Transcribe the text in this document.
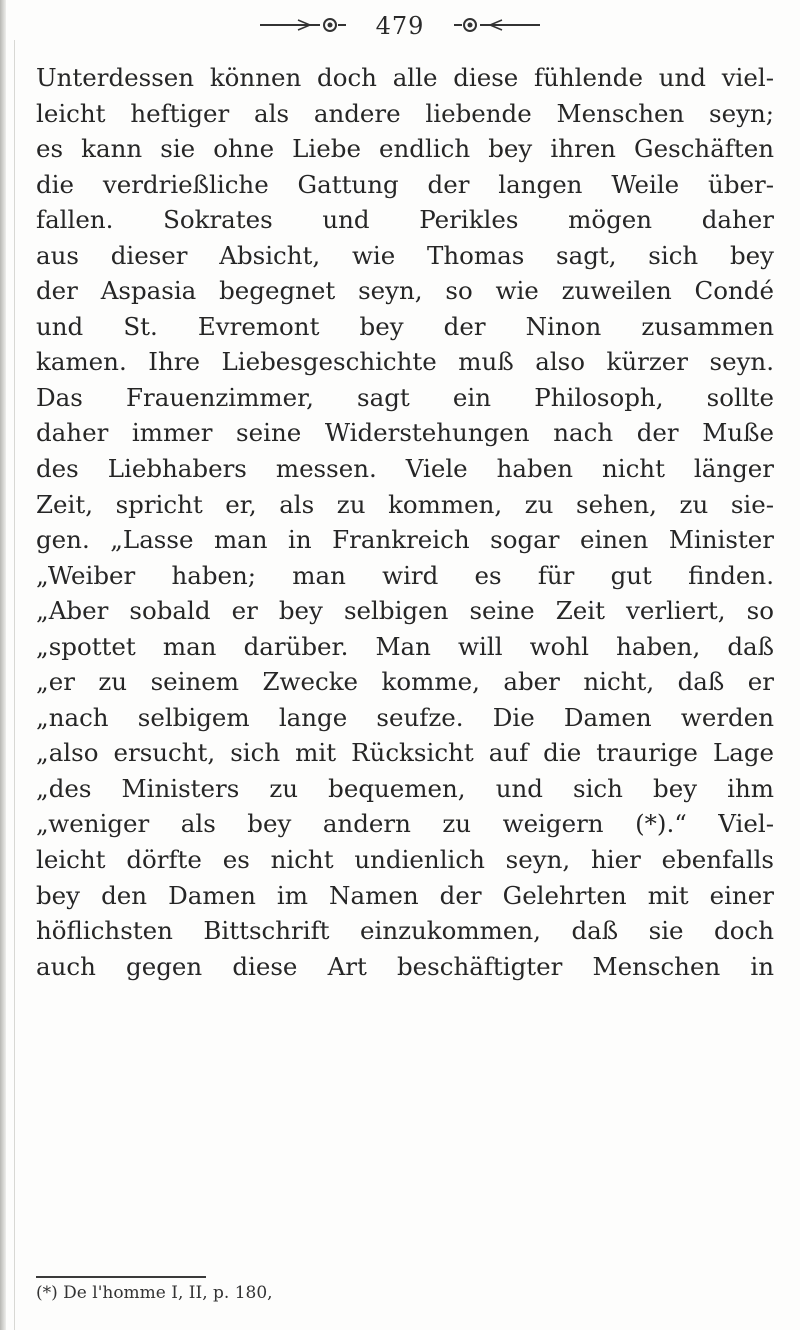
479
Unterdessen können doch alle diese fühlende und viel-
leicht heftiger als andere liebende Menschen seyn;
es kann sie ohne Liebe endlich bey ihren Geschäften
die verdrießliche Gattung der langen Weile über-
fallen. Sokrates und Perikles mögen daher
aus dieser Absicht, wie Thomas sagt, sich bey
der Aspasia begegnet seyn, so wie zuweilen Condé
und St. Evremont bey der Ninon zusammen
kamen. Ihre Liebesgeschichte muß also kürzer seyn.
Das Frauenzimmer, sagt ein Philosoph, sollte
daher immer seine Widerstehungen nach der Muße
des Liebhabers messen. Viele haben nicht länger
Zeit, spricht er, als zu kommen, zu sehen, zu sie-
gen. „Lasse man in Frankreich sogar einen Minister
„Weiber haben; man wird es für gut finden.
„Aber sobald er bey selbigen seine Zeit verliert, so
„spottet man darüber. Man will wohl haben, daß
„er zu seinem Zwecke komme, aber nicht, daß er
„nach selbigem lange seufze. Die Damen werden
„also ersucht, sich mit Rücksicht auf die traurige Lage
„des Ministers zu bequemen, und sich bey ihm
„weniger als bey andern zu weigern (*).“ Viel-
leicht dörfte es nicht undienlich seyn, hier ebenfalls
bey den Damen im Namen der Gelehrten mit einer
höflichsten Bittschrift einzukommen, daß sie doch
auch gegen diese Art beschäftigter Menschen in
(*) De l'homme I, II, p. 180,
